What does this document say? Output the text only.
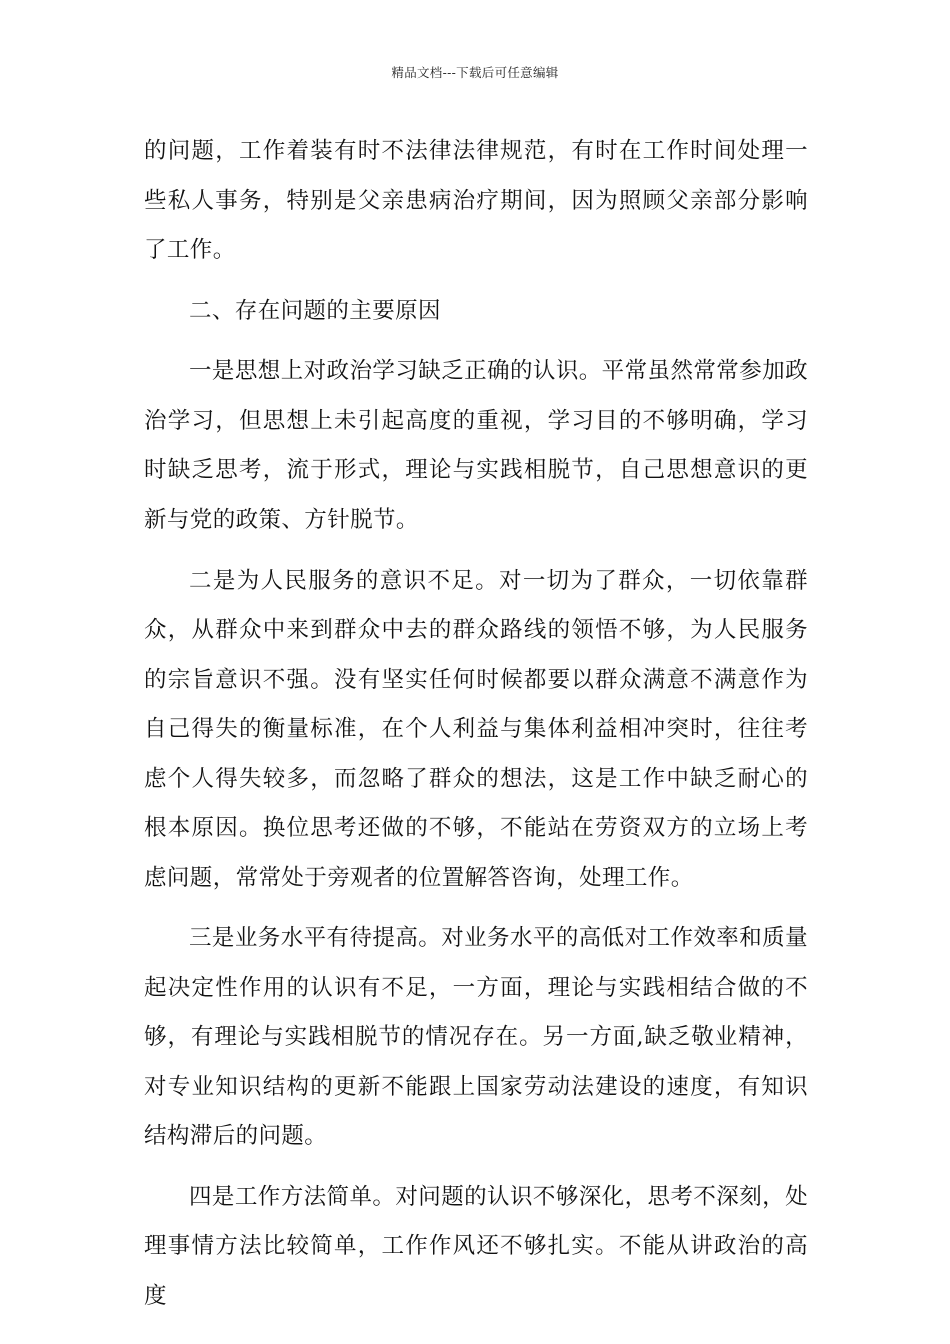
精品文档---下载后可任意编辑

的问题，工作着装有时不法律法律规范，有时在工作时间处理一些私人事务，特别是父亲患病治疗期间，因为照顾父亲部分影响了工作。

二、存在问题的主要原因

一是思想上对政治学习缺乏正确的认识。平常虽然常常参加政治学习，但思想上未引起高度的重视，学习目的不够明确，学习时缺乏思考，流于形式，理论与实践相脱节，自己思想意识的更新与党的政策、方针脱节。

二是为人民服务的意识不足。对一切为了群众，一切依靠群众，从群众中来到群众中去的群众路线的领悟不够，为人民服务的宗旨意识不强。没有坚实任何时候都要以群众满意不满意作为自己得失的衡量标准，在个人利益与集体利益相冲突时，往往考虑个人得失较多，而忽略了群众的想法，这是工作中缺乏耐心的根本原因。换位思考还做的不够，不能站在劳资双方的立场上考虑问题，常常处于旁观者的位置解答咨询，处理工作。

三是业务水平有待提高。对业务水平的高低对工作效率和质量起决定性作用的认识有不足，一方面，理论与实践相结合做的不够，有理论与实践相脱节的情况存在。另一方面,缺乏敬业精神，对专业知识结构的更新不能跟上国家劳动法建设的速度，有知识结构滞后的问题。

四是工作方法简单。对问题的认识不够深化，思考不深刻，处理事情方法比较简单，工作作风还不够扎实。不能从讲政治的高度
